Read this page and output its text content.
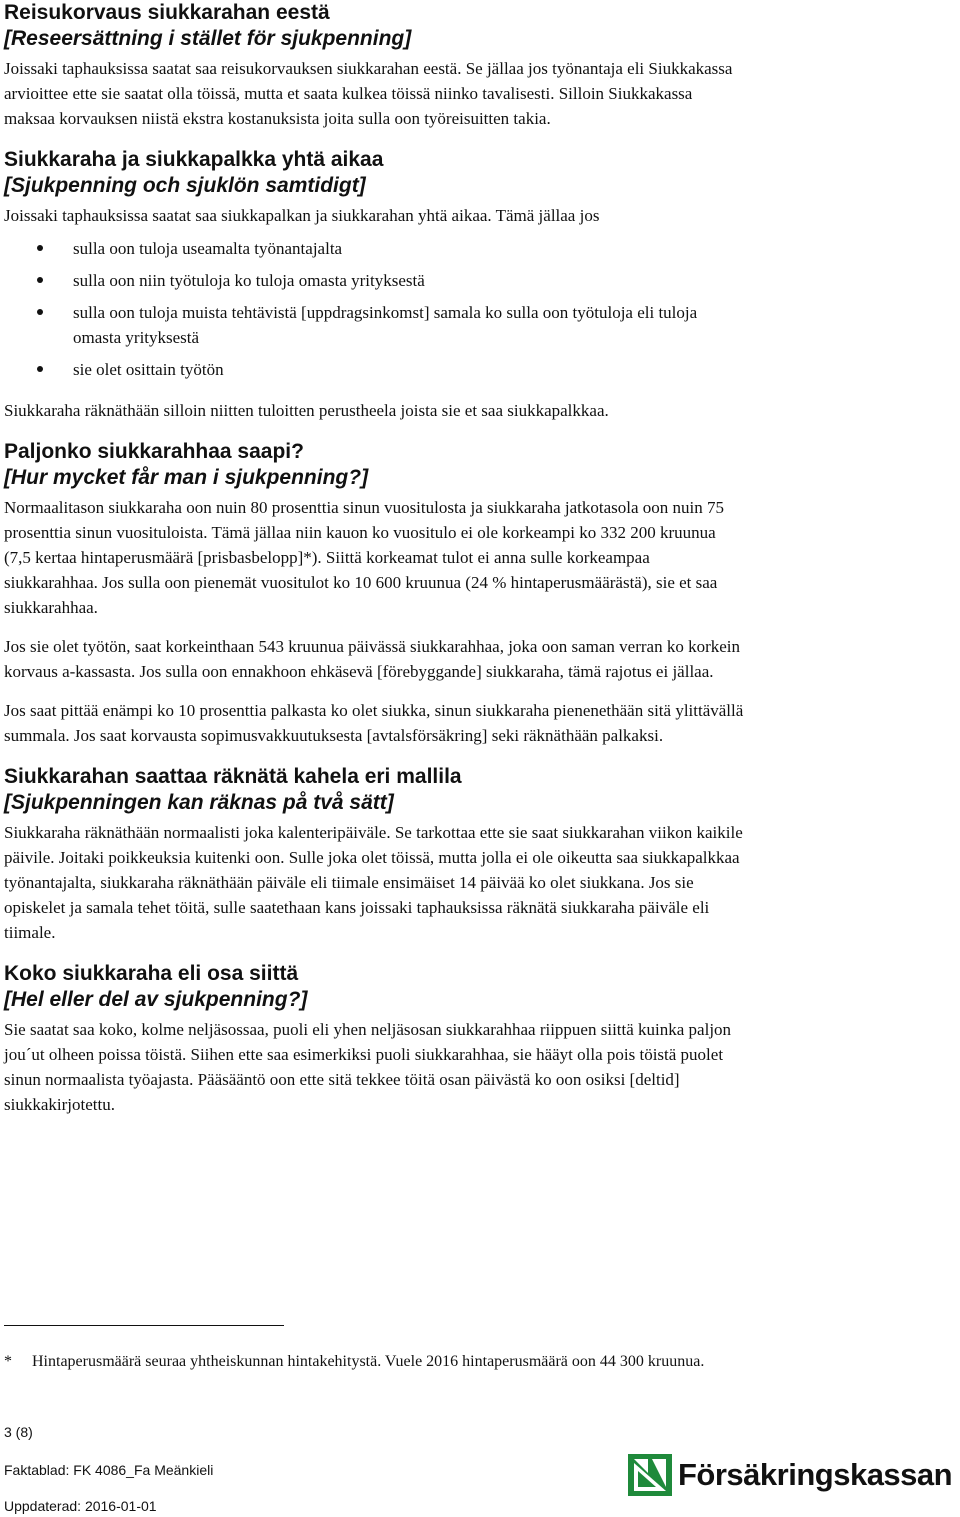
Reisukorvaus siukkarahan eestä
[Reseersättning i stället för sjukpenning]

Joissaki taphauksissa saatat saa reisukorvauksen siukkarahan eestä. Se jällaa jos työnantaja eli Siukkakassa arvioittee ette sie saatat olla töissä, mutta et saata kulkea töissä niinko tavalisesti. Silloin Siukkakassa maksaa korvauksen niistä ekstra kostanuksista joita sulla oon työreisuitten takia.

Siukkaraha ja siukkapalkka yhtä aikaa
[Sjukpenning och sjuklön samtidigt]

Joissaki taphauksissa saatat saa siukkapalkan ja siukkarahan yhtä aikaa. Tämä jällaa jos

sulla oon tuloja useamalta työnantajalta
sulla oon niin työtuloja ko tuloja omasta yrityksestä
sulla oon tuloja muista tehtävistä [uppdragsinkomst] samala ko sulla oon työtuloja eli tuloja omasta yrityksestä
sie olet osittain työtön

Siukkaraha räknäthään silloin niitten tuloitten perustheela joista sie et saa siukkapalkkaa.

Paljonko siukkarahhaa saapi?
[Hur mycket får man i sjukpenning?]

Normaalitason siukkaraha oon nuin 80 prosenttia sinun vuositulosta ja siukkaraha jatkotasola oon nuin 75 prosenttia sinun vuosituloista. Tämä jällaa niin kauon ko vuositulo ei ole korkeampi ko 332 200 kruunua (7,5 kertaa hintaperusmäärä [prisbasbelopp]*). Siittä korkeamat tulot ei anna sulle korkeampaa siukkarahhaa. Jos sulla oon pienemät vuositulot ko 10 600 kruunua (24 % hintaperusmäärästä), sie et saa siukkarahhaa.

Jos sie olet työtön, saat korkeinthaan 543 kruunua päivässä siukkarahhaa, joka oon saman verran ko korkein korvaus a-kassasta. Jos sulla oon ennakhoon ehkäsevä [förebyggande] siukkaraha, tämä rajotus ei jällaa.

Jos saat pittää enämpi ko 10 prosenttia palkasta ko olet siukka, sinun siukkaraha pienenethään sitä ylittävällä summala. Jos saat korvausta sopimusvakkuutuksesta [avtalsförsäkring] seki räknäthään palkaksi.

Siukkarahan saattaa räknätä kahela eri mallila
[Sjukpenningen kan räknas på två sätt]

Siukkaraha räknäthään normaalisti joka kalenteripäiväle. Se tarkottaa ette sie saat siukkarahan viikon kaikile päivile. Joitaki poikkeuksia kuitenki oon. Sulle joka olet töissä, mutta jolla ei ole oikeutta saa siukkapalkkaa työnantajalta, siukkaraha räknäthään päiväle eli tiimale ensimäiset 14 päivää ko olet siukkana. Jos sie opiskelet ja samala tehet töitä, sulle saatethaan kans joissaki taphauksissa räknätä siukkaraha päiväle eli tiimale.

Koko siukkaraha eli osa siittä
[Hel eller del av sjukpenning?]

Sie saatat saa koko, kolme neljäsossaa, puoli eli yhen neljäsosan siukkarahhaa riippuen siittä kuinka paljon jou´ut olheen poissa töistä. Siihen ette saa esimerkiksi puoli siukkarahhaa, sie hääyt olla pois töistä puolet sinun normaalista työajasta. Pääsääntö oon ette sitä tekkee töitä osan päivästä ko oon osiksi [deltid] siukkakirjotettu.

*	Hintaperusmäärä seuraa yhtheiskunnan hintakehitystä. Vuele 2016 hintaperusmäärä oon 44 300 kruunua.
3 (8)
Faktablad: FK 4086_Fa Meänkieli
Uppdaterad: 2016-01-01
Försäkringskassan
